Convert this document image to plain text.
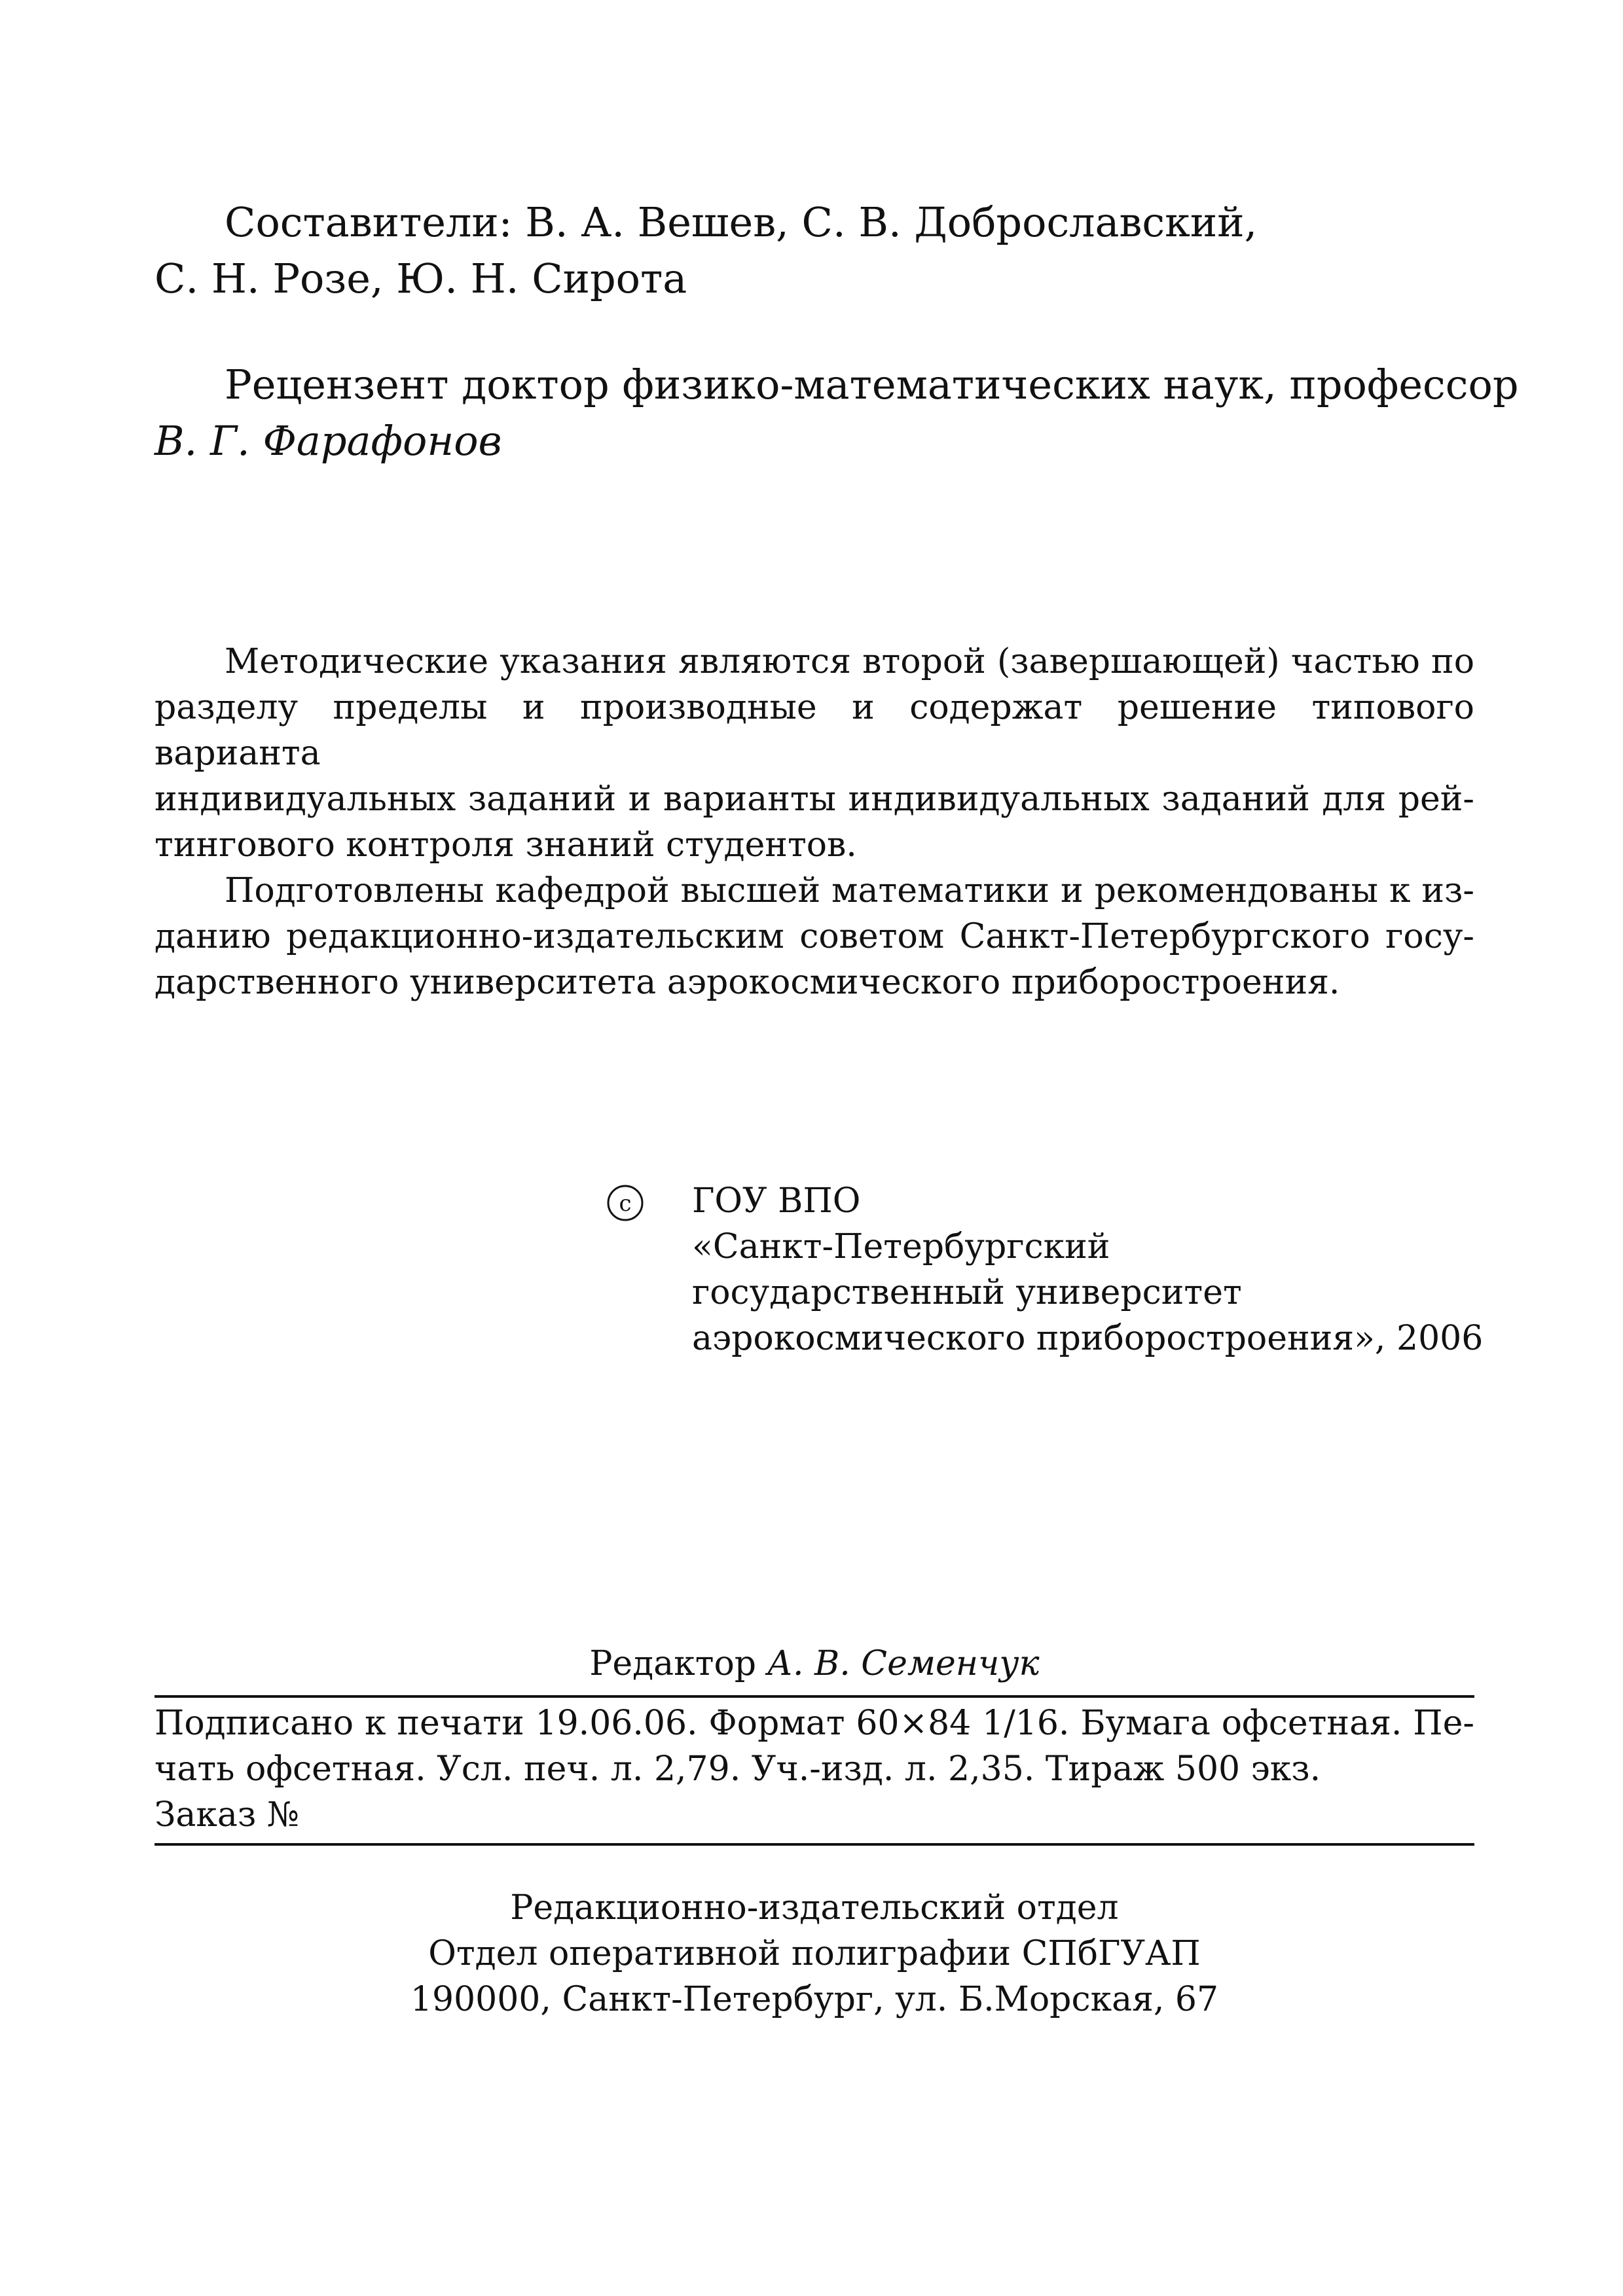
Составители: В. А. Вешев, С. В. Доброславский,
С. Н. Розе, Ю. Н. Сирота
Рецензент доктор физико-математических наук, профессор
В. Г. Фарафонов
Методические указания являются второй (завершающей) частью по
разделу пределы и производные и содержат решение типового варианта
индивидуальных заданий и варианты индивидуальных заданий для рей-
тингового контроля знаний студентов.
Подготовлены кафедрой высшей математики и рекомендованы к из-
данию редакционно-издательским советом Санкт-Петербургского госу-
дарственного университета аэрокосмического приборостроения.
c ГОУ ВПО
«Санкт-Петербургский
государственный университет
аэрокосмического приборостроения», 2006
Редактор А. В. Семенчук
Подписано к печати 19.06.06. Формат 60×84 1/16. Бумага офсетная. Пе-
чать офсетная. Усл. печ. л. 2,79. Уч.-изд. л. 2,35. Тираж 500 экз.
Заказ №
Редакционно-издательский отдел
Отдел оперативной полиграфии СПбГУАП
190000, Санкт-Петербург, ул. Б.Морская, 67
